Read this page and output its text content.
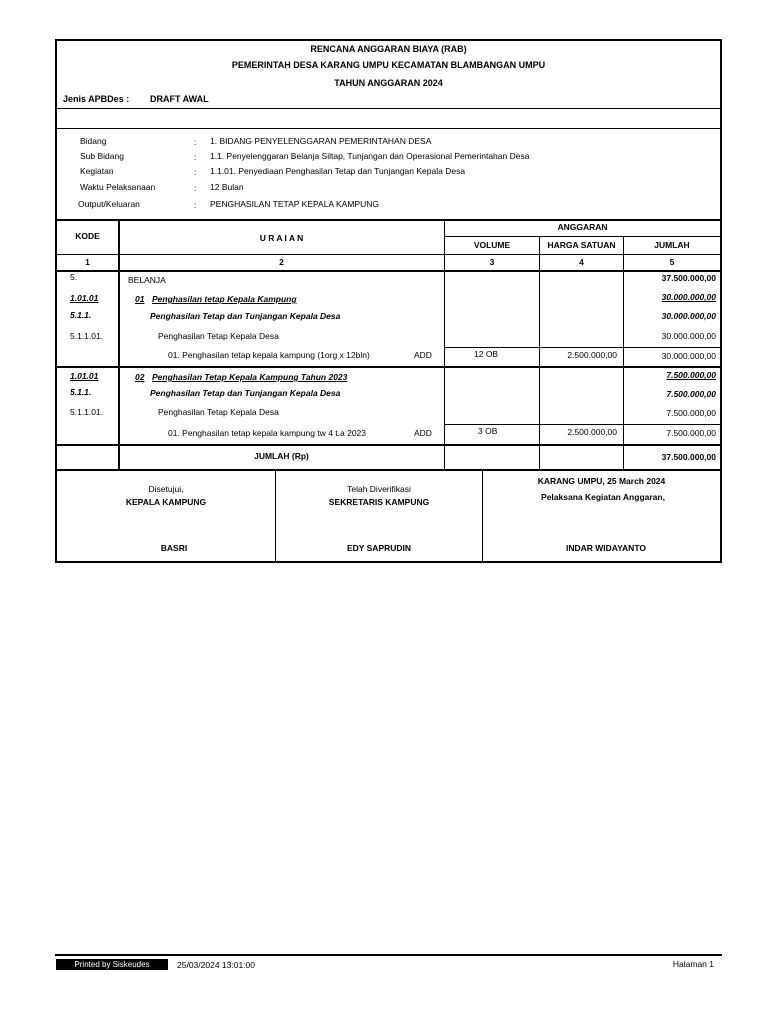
RENCANA ANGGARAN BIAYA (RAB)
PEMERINTAH DESA KARANG UMPU KECAMATAN BLAMBANGAN UMPU
TAHUN ANGGARAN 2024
Jenis APBDes : DRAFT AWAL
Bidang	: 1. BIDANG PENYELENGGARAN PEMERINTAHAN DESA
Sub Bidang	: 1.1. Penyelenggaran Belanja Siltap, Tunjangan dan Operasional Pemerintahan Desa
Kegiatan	: 1.1.01. Penyediaan Penghasilan Tetap dan Tunjangan Kepala Desa
Waktu Pelaksanaan	: 12 Bulan
Output/Keluaran	: PENGHASILAN TETAP KEPALA KAMPUNG
KODE	U R A I A N
ANGGARAN
VOLUME	HARGA SATUAN	JUMLAH
1	2	3	4	5
5.	BELANJA	37.500.000,00
1.01.01	01 Penghasilan tetap Kepala Kampung	30.000.000,00
5.1.1.	Penghasilan Tetap dan Tunjangan Kepala Desa	30.000.000,00
5.1.1.01.	Penghasilan Tetap Kepala Desa	30.000.000,00
01. Penghasilan tetap kepala kampung (1org x 12bln)	ADD	12 OB	2.500.000,00	30.000.000,00
1.01.01	02 Penghasilan Tetap Kepala Kampung Tahun 2023	7.500.000,00
5.1.1.	Penghasilan Tetap dan Tunjangan Kepala Desa	7.500.000,00
5.1.1.01.	Penghasilan Tetap Kepala Desa	7.500.000,00
01. Penghasilan tetap kepala kampung tw 4 t.a 2023	ADD	3 OB	2.500.000,00	7.500.000,00
JUMLAH (Rp)	37.500.000,00
Disetujui,
KEPALA KAMPUNG
BASRI
Telah Diverifikasi
SEKRETARIS KAMPUNG
EDY SAPRUDIN
KARANG UMPU, 25 March 2024
Pelaksana Kegiatan Anggaran,
INDAR WIDAYANTO
Printed by Siskeudes	25/03/2024 13:01:00	Halaman 1
